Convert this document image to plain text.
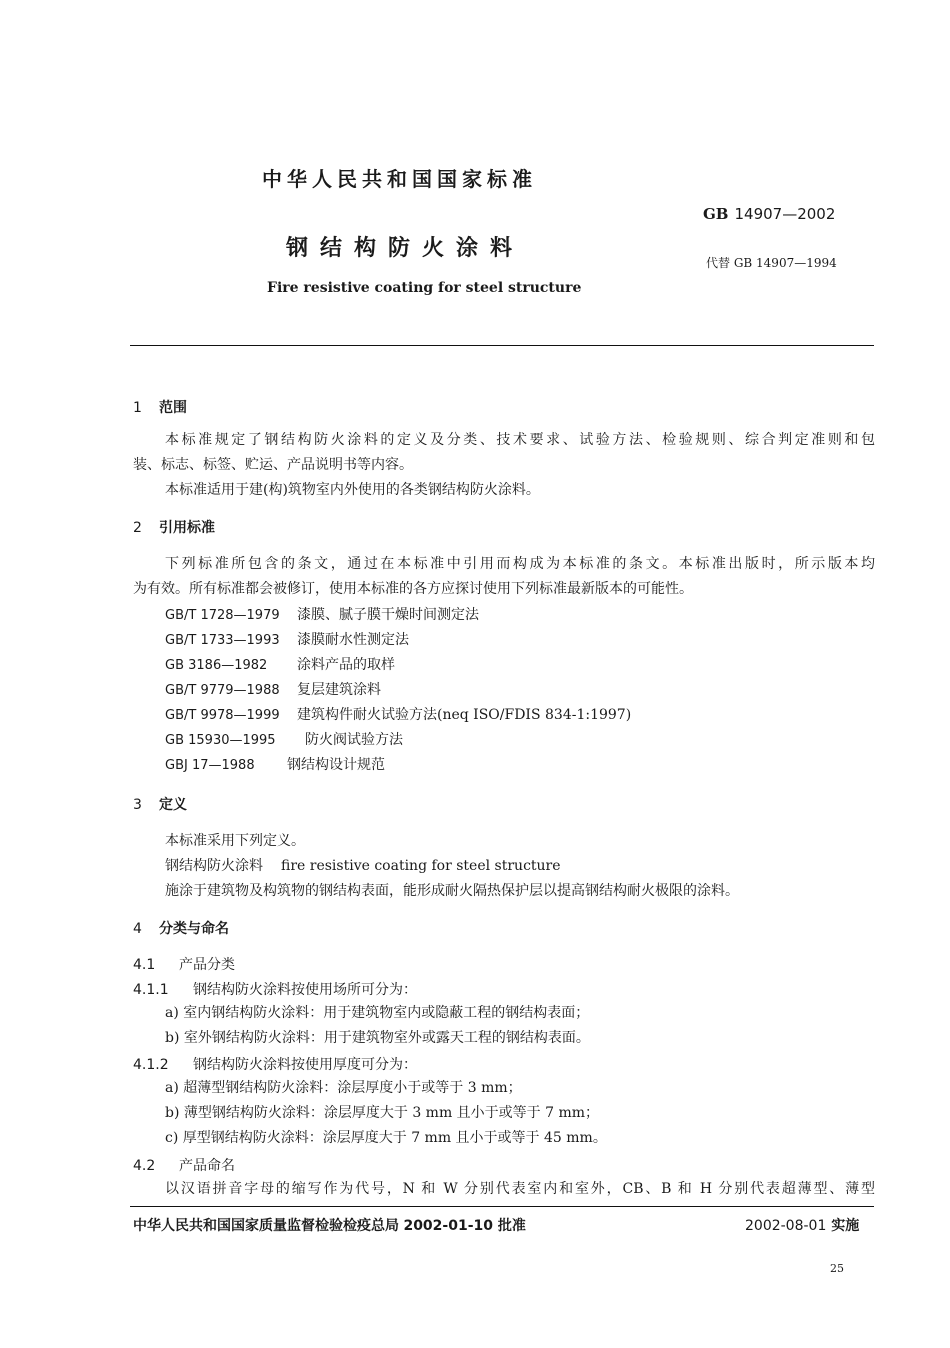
中华人民共和国国家标准
GB 14907—2002
钢结构防火涂料
代替 GB 14907—1994
Fire resistive coating for steel structure
1 范围
本标准规定了钢结构防火涂料的定义及分类、技术要求、试验方法、检验规则、综合判定准则和包
装、标志、标签、贮运、产品说明书等内容。
本标准适用于建(构)筑物室内外使用的各类钢结构防火涂料。
2 引用标准
下列标准所包含的条文，通过在本标准中引用而构成为本标准的条文。本标准出版时，所示版本均
为有效。所有标准都会被修订，使用本标准的各方应探讨使用下列标准最新版本的可能性。
GB/T 1728—1979 漆膜、腻子膜干燥时间测定法
GB/T 1733—1993 漆膜耐水性测定法
GB 3186—1982 涂料产品的取样
GB/T 9779—1988 复层建筑涂料
GB/T 9978—1999 建筑构件耐火试验方法(neq ISO/FDIS 834-1:1997)
GB 15930—1995 防火阀试验方法
GBJ 17—1988 钢结构设计规范
3 定义
本标准采用下列定义。
钢结构防火涂料 fire resistive coating for steel structure
施涂于建筑物及构筑物的钢结构表面，能形成耐火隔热保护层以提高钢结构耐火极限的涂料。
4 分类与命名
4.1 产品分类
4.1.1 钢结构防火涂料按使用场所可分为：
a) 室内钢结构防火涂料：用于建筑物室内或隐蔽工程的钢结构表面；
b) 室外钢结构防火涂料：用于建筑物室外或露天工程的钢结构表面。
4.1.2 钢结构防火涂料按使用厚度可分为：
a) 超薄型钢结构防火涂料：涂层厚度小于或等于 3 mm；
b) 薄型钢结构防火涂料：涂层厚度大于 3 mm 且小于或等于 7 mm；
c) 厚型钢结构防火涂料：涂层厚度大于 7 mm 且小于或等于 45 mm。
4.2 产品命名
以汉语拼音字母的缩写作为代号，N 和 W 分别代表室内和室外，CB、B 和 H 分别代表超薄型、薄型
中华人民共和国国家质量监督检验检疫总局 2002-01-10 批准	2002-08-01 实施
25
